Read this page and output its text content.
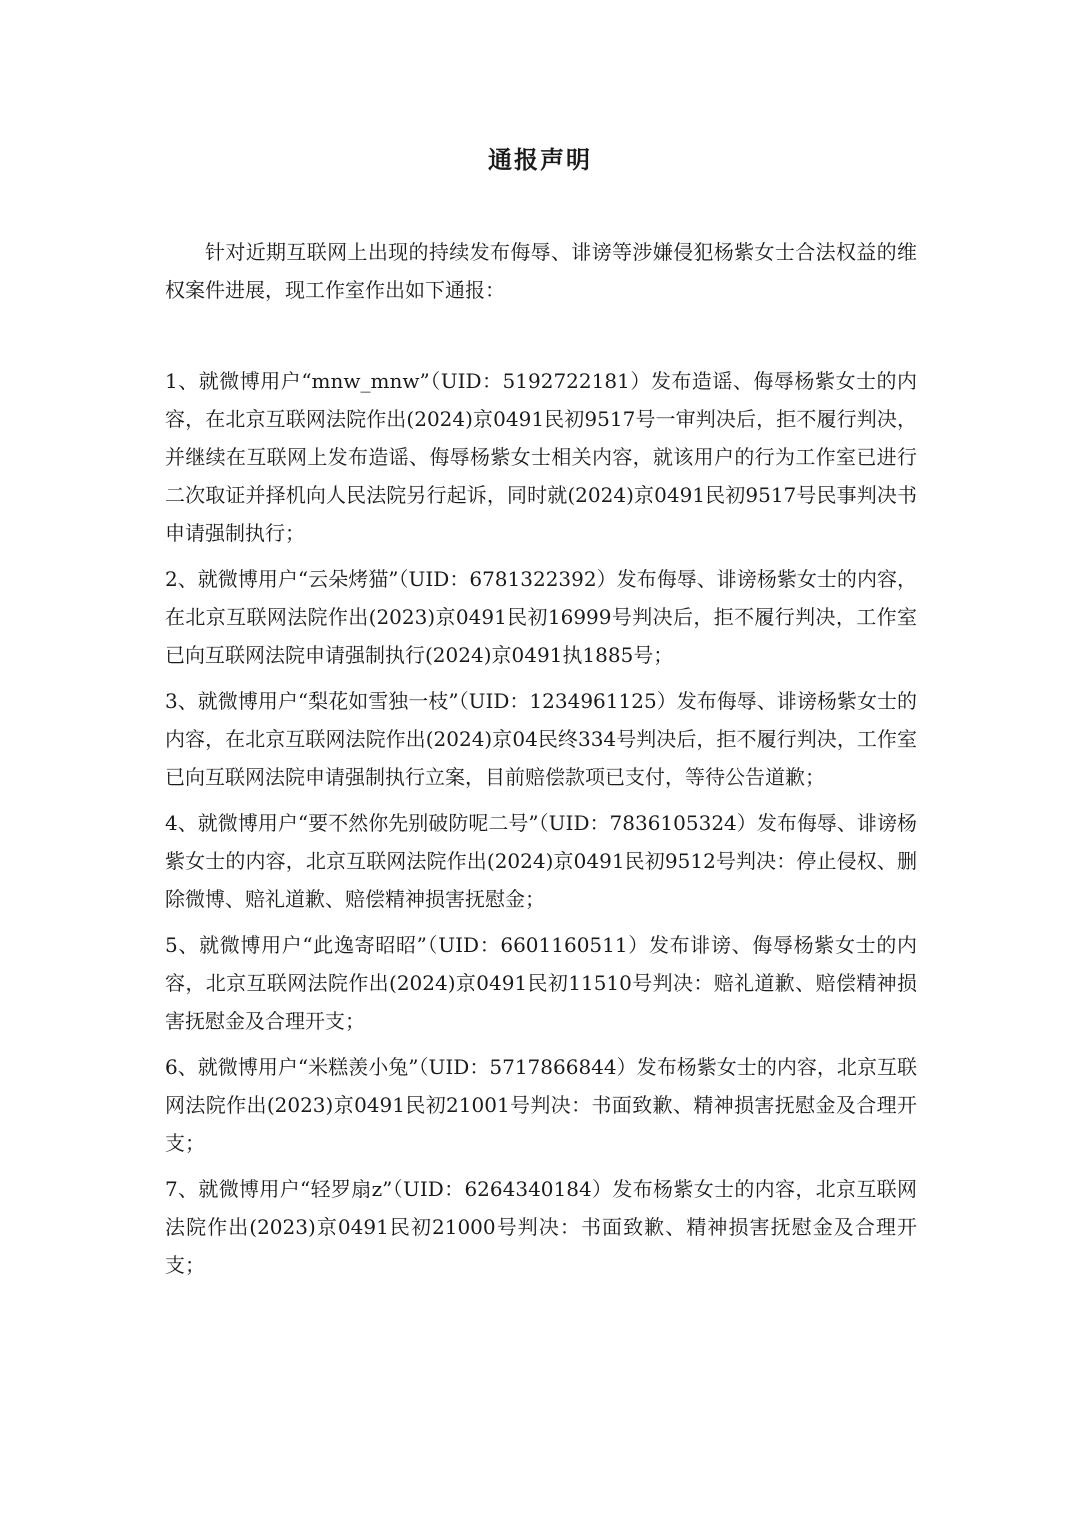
通报声明

针对近期互联网上出现的持续发布侮辱、诽谤等涉嫌侵犯杨紫女士合法权益的维权案件进展，现工作室作出如下通报：

1、就微博用户“mnw_mnw”（UID：5192722181）发布造谣、侮辱杨紫女士的内容，在北京互联网法院作出(2024)京0491民初9517号一审判决后，拒不履行判决，并继续在互联网上发布造谣、侮辱杨紫女士相关内容，就该用户的行为工作室已进行二次取证并择机向人民法院另行起诉，同时就(2024)京0491民初9517号民事判决书申请强制执行；

2、就微博用户“云朵烤猫”（UID：6781322392）发布侮辱、诽谤杨紫女士的内容，在北京互联网法院作出(2023)京0491民初16999号判决后，拒不履行判决，工作室已向互联网法院申请强制执行(2024)京0491执1885号；

3、就微博用户“梨花如雪独一枝”（UID：1234961125）发布侮辱、诽谤杨紫女士的内容，在北京互联网法院作出(2024)京04民终334号判决后，拒不履行判决，工作室已向互联网法院申请强制执行立案，目前赔偿款项已支付，等待公告道歉；

4、就微博用户“要不然你先别破防呢二号”（UID：7836105324）发布侮辱、诽谤杨紫女士的内容，北京互联网法院作出(2024)京0491民初9512号判决：停止侵权、删除微博、赔礼道歉、赔偿精神损害抚慰金；

5、就微博用户“此逸寄昭昭”（UID：6601160511）发布诽谤、侮辱杨紫女士的内容，北京互联网法院作出(2024)京0491民初11510号判决：赔礼道歉、赔偿精神损害抚慰金及合理开支；

6、就微博用户“米糕羡小兔”（UID：5717866844）发布杨紫女士的内容，北京互联网法院作出(2023)京0491民初21001号判决：书面致歉、精神损害抚慰金及合理开支；

7、就微博用户“轻罗扇z”（UID：6264340184）发布杨紫女士的内容，北京互联网法院作出(2023)京0491民初21000号判决：书面致歉、精神损害抚慰金及合理开支；
